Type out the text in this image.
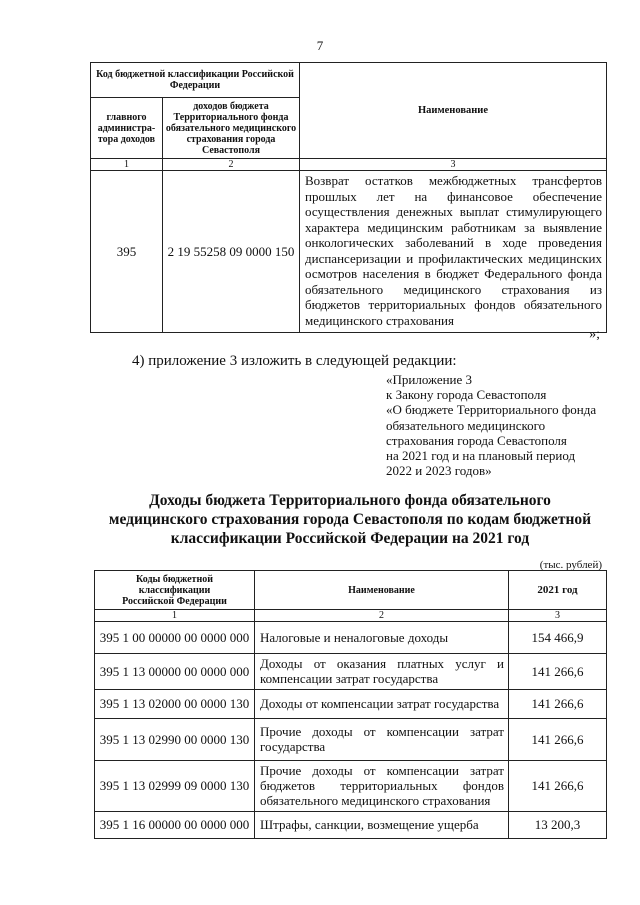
7
Код бюджетной классификации Российской Федерации		Наименование
главного администра-тора доходов	доходов бюджета Территориального фонда обязательного медицинского страхования города Севастополя	
1	2	3
395	2 19 55258 09 0000 150	Возврат остатков межбюджетных трансфертов прошлых лет на финансовое обеспечение осуществления денежных выплат стимулирующего характера медицинским работникам за выявление онкологических заболеваний в ходе проведения диспансеризации и профилактических медицинских осмотров населения в бюджет Федерального фонда обязательного медицинского страхования из бюджетов территориальных фондов обязательного медицинского страхования
»;
4) приложение 3 изложить в следующей редакции:
«Приложение 3
к Закону города Севастополя
«О бюджете Территориального фонда
обязательного медицинского
страхования города Севастополя
на 2021 год и на плановый период
2022 и 2023 годов»
Доходы бюджета Территориального фонда обязательного
медицинского страхования города Севастополя по кодам бюджетной
классификации Российской Федерации на 2021 год
(тыс. рублей)
Коды бюджетной классификации Российской Федерации	Наименование	2021 год
1	2	3
395 1 00 00000 00 0000 000	Налоговые и неналоговые доходы	154 466,9
395 1 13 00000 00 0000 000	Доходы от оказания платных услуг и компенсации затрат государства	141 266,6
395 1 13 02000 00 0000 130	Доходы от компенсации затрат государства	141 266,6
395 1 13 02990 00 0000 130	Прочие доходы от компенсации затрат государства	141 266,6
395 1 13 02999 09 0000 130	Прочие доходы от компенсации затрат бюджетов территориальных фондов обязательного медицинского страхования	141 266,6
395 1 16 00000 00 0000 000	Штрафы, санкции, возмещение ущерба	13 200,3
